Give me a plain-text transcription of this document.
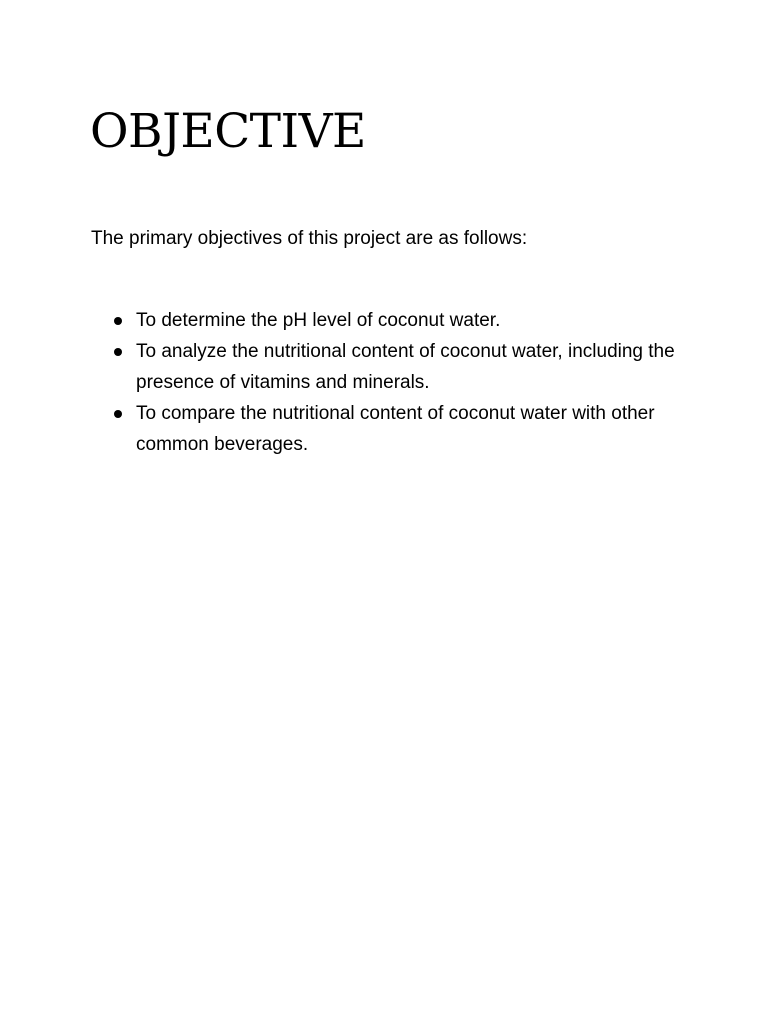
OBJECTIVE

The primary objectives of this project are as follows:

To determine the pH level of coconut water.
To analyze the nutritional content of coconut water, including the presence of vitamins and minerals.
To compare the nutritional content of coconut water with other common beverages.
